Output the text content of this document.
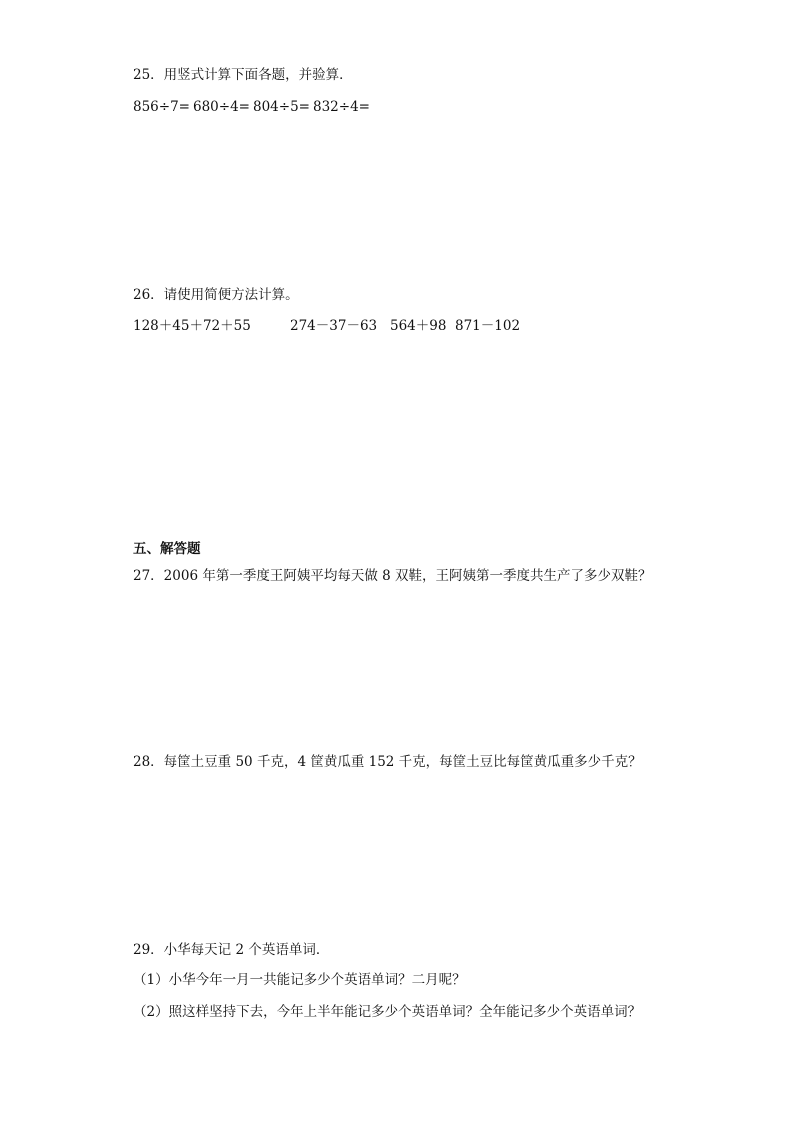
25．用竖式计算下面各题，并验算．
856÷7= 680÷4= 804÷5= 832÷4=
26．请使用简便方法计算。
128＋45＋72＋55	274－37－63 564＋98 871－102
五、解答题
27．2006 年第一季度王阿姨平均每天做 8 双鞋，王阿姨第一季度共生产了多少双鞋？
28．每筐土豆重 50 千克，4 筐黄瓜重 152 千克，每筐土豆比每筐黄瓜重多少千克？
29．小华每天记 2 个英语单词．
（1）小华今年一月一共能记多少个英语单词？二月呢？
（2）照这样坚持下去，今年上半年能记多少个英语单词？全年能记多少个英语单词？
